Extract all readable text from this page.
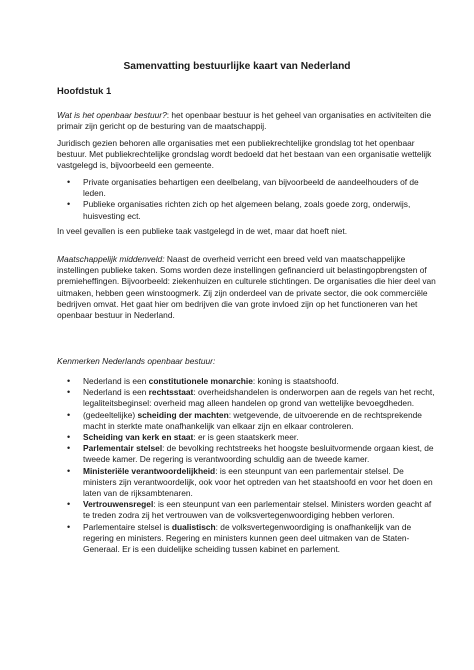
Samenvatting bestuurlijke kaart van Nederland
Hoofdstuk 1

Wat is het openbaar bestuur?: het openbaar bestuur is het geheel van organisaties en activiteiten die primair zijn gericht op de besturing van de maatschappij.

Juridisch gezien behoren alle organisaties met een publiekrechtelijke grondslag tot het openbaar bestuur. Met publiekrechtelijke grondslag wordt bedoeld dat het bestaan van een organisatie wettelijk vastgelegd is, bijvoorbeeld een gemeente.

• Private organisaties behartigen een deelbelang, van bijvoorbeeld de aandeelhouders of de leden.
• Publieke organisaties richten zich op het algemeen belang, zoals goede zorg, onderwijs, huisvesting ect.

In veel gevallen is een publieke taak vastgelegd in de wet, maar dat hoeft niet.

Maatschappelijk middenveld: Naast de overheid verricht een breed veld van maatschappelijke instellingen publieke taken. Soms worden deze instellingen gefinancierd uit belastingopbrengsten of premieheffingen. Bijvoorbeeld: ziekenhuizen en culturele stichtingen. De organisaties die hier deel van uitmaken, hebben geen winstoogmerk. Zij zijn onderdeel van de private sector, die ook commerciële bedrijven omvat. Het gaat hier om bedrijven die van grote invloed zijn op het functioneren van het openbaar bestuur in Nederland.

Kenmerken Nederlands openbaar bestuur:

• Nederland is een constitutionele monarchie: koning is staatshoofd.
• Nederland is een rechtsstaat: overheidshandelen is onderworpen aan de regels van het recht, legaliteitsbeginsel: overheid mag alleen handelen op grond van wettelijke bevoegdheden.
• (gedeeltelijke) scheiding der machten: wetgevende, de uitvoerende en de rechtsprekende macht in sterkte mate onafhankelijk van elkaar zijn en elkaar controleren.
• Scheiding van kerk en staat: er is geen staatskerk meer.
• Parlementair stelsel: de bevolking rechtstreeks het hoogste besluitvormende orgaan kiest, de tweede kamer. De regering is verantwoording schuldig aan de tweede kamer.
• Ministeriële verantwoordelijkheid: is een steunpunt van een parlementair stelsel. De ministers zijn verantwoordelijk, ook voor het optreden van het staatshoofd en voor het doen en laten van de rijksambtenaren.
• Vertrouwensregel: is een steunpunt van een parlementair stelsel. Ministers worden geacht af te treden zodra zij het vertrouwen van de volksvertegenwoordiging hebben verloren.
• Parlementaire stelsel is dualistisch: de volksvertegenwoordiging is onafhankelijk van de regering en ministers. Regering en ministers kunnen geen deel uitmaken van de Staten-Generaal. Er is een duidelijke scheiding tussen kabinet en parlement.
